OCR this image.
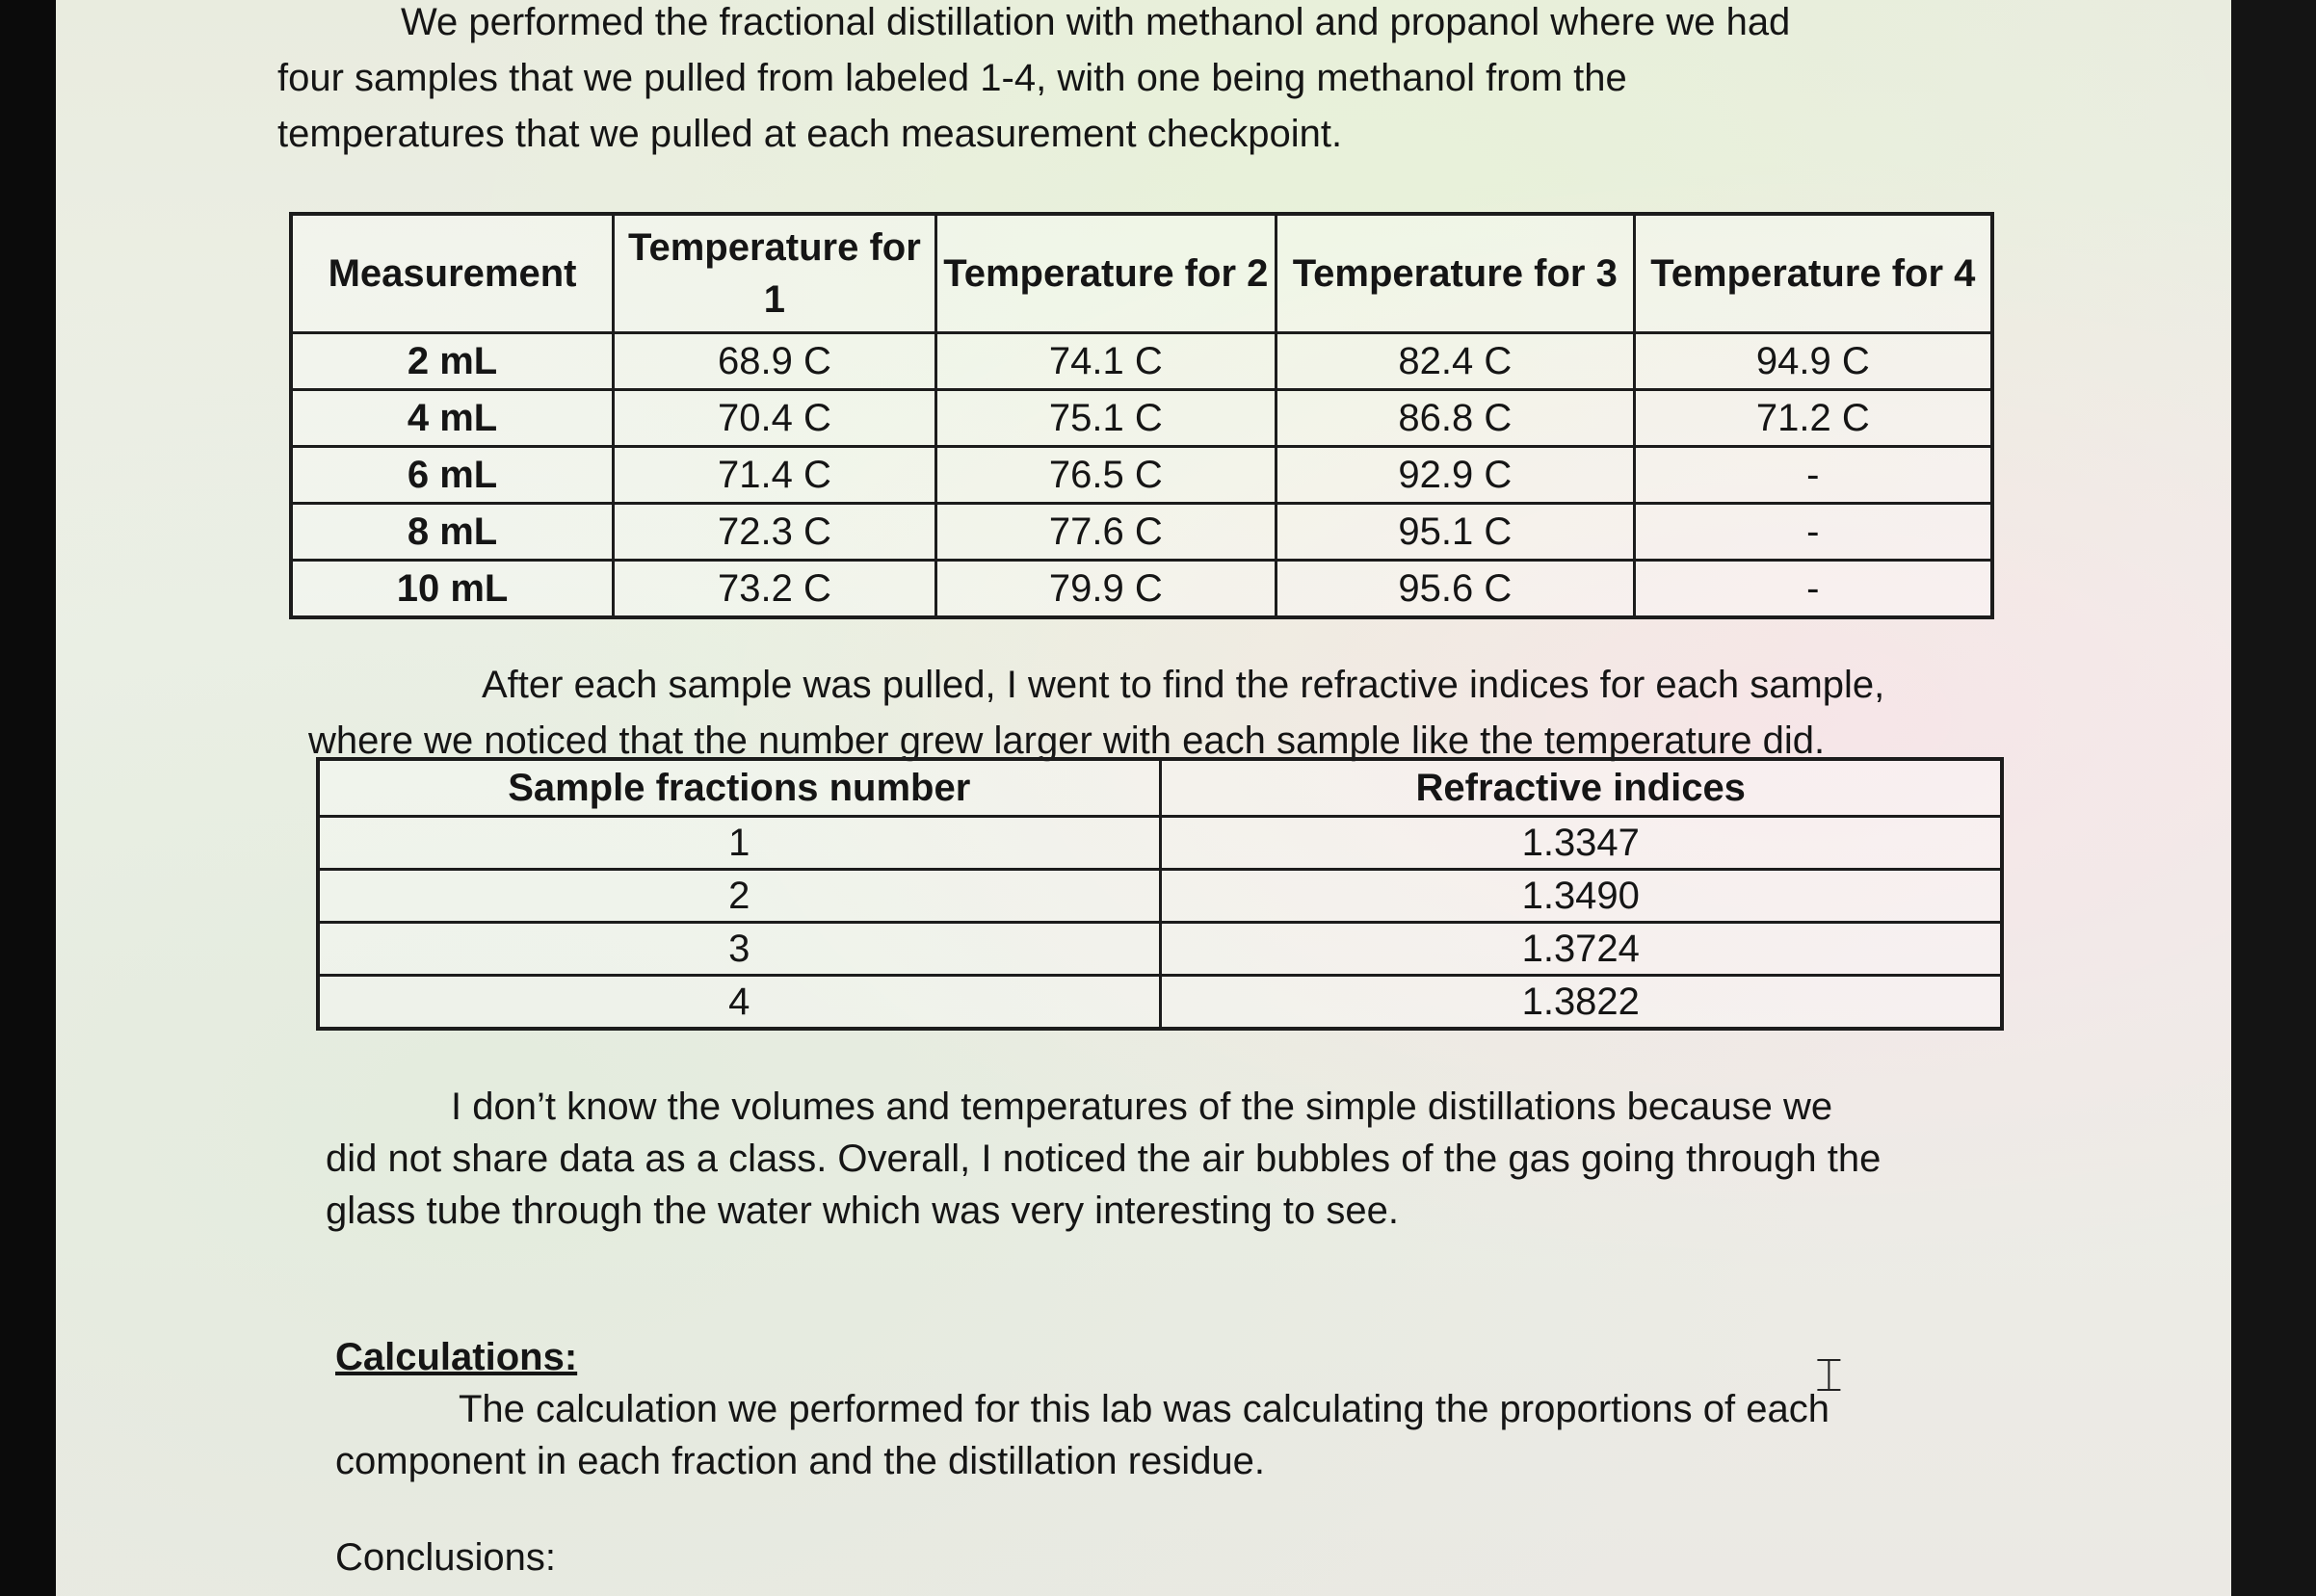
We performed the fractional distillation with methanol and propanol where we had
four samples that we pulled from labeled 1-4, with one being methanol from the
temperatures that we pulled at each measurement checkpoint.

Measurement	Temperature for 1	Temperature for 2	Temperature for 3	Temperature for 4
2 mL	68.9 C	74.1 C	82.4 C	94.9 C
4 mL	70.4 C	75.1 C	86.8 C	71.2 C
6 mL	71.4 C	76.5 C	92.9 C	-
8 mL	72.3 C	77.6 C	95.1 C	-
10 mL	73.2 C	79.9 C	95.6 C	-

After each sample was pulled, I went to find the refractive indices for each sample,
where we noticed that the number grew larger with each sample like the temperature did.

Sample fractions number	Refractive indices
1	1.3347
2	1.3490
3	1.3724
4	1.3822

I don’t know the volumes and temperatures of the simple distillations because we
did not share data as a class. Overall, I noticed the air bubbles of the gas going through the
glass tube through the water which was very interesting to see.

Calculations:
The calculation we performed for this lab was calculating the proportions of each
component in each fraction and the distillation residue.

Conclusions:

⌶
